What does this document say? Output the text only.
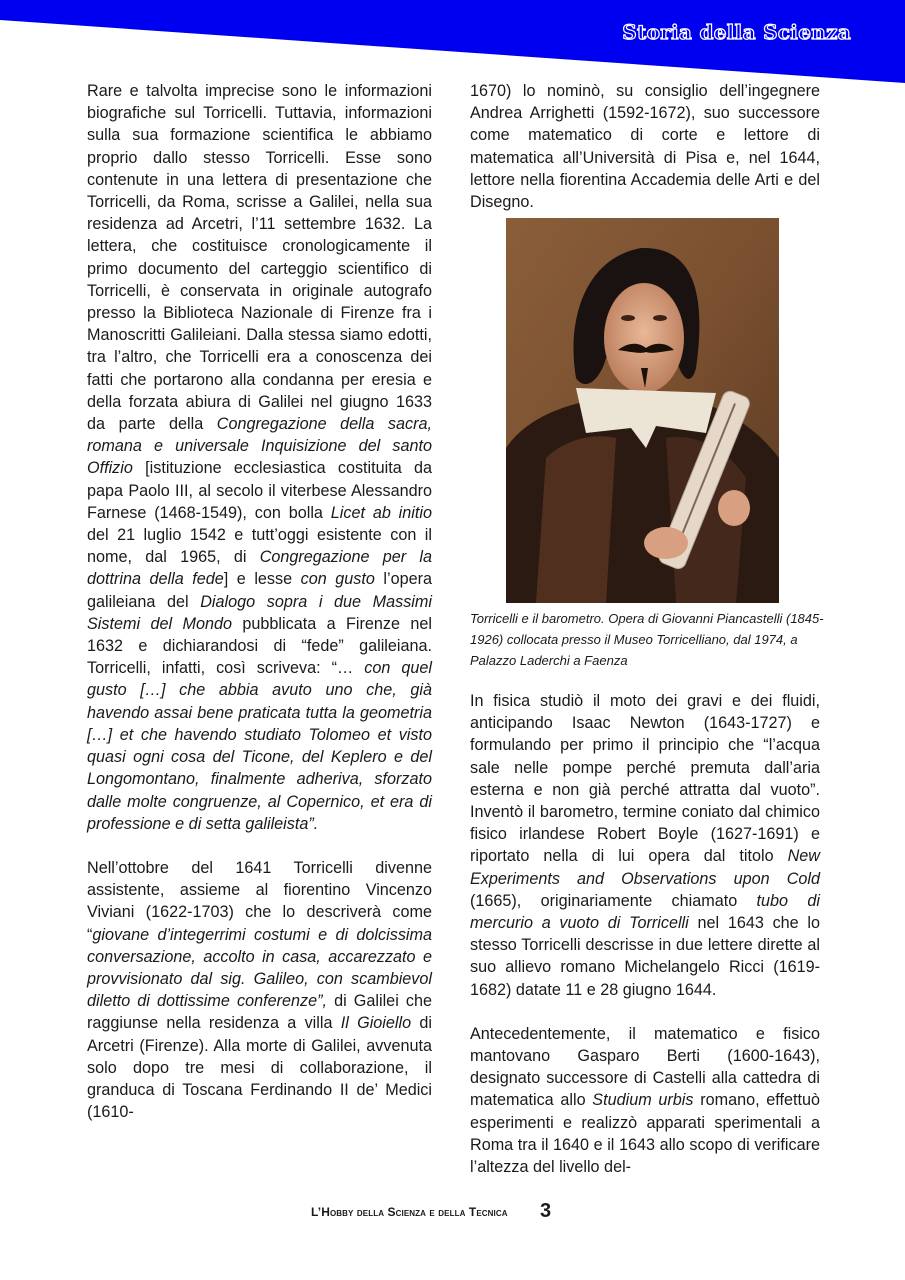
Storia della Scienza

Rare e talvolta imprecise sono le informazioni biografiche sul Torricelli. Tuttavia, informazioni sulla sua formazione scientifica le abbiamo proprio dallo stesso Torricelli. Esse sono contenute in una lettera di presentazione che Torricelli, da Roma, scrisse a Galilei, nella sua residenza ad Arcetri, l’11 settembre 1632. La lettera, che costituisce cronologicamente il primo documento del carteggio scientifico di Torricelli, è conservata in originale autografo presso la Biblioteca Nazionale di Firenze fra i Manoscritti Galileiani. Dalla stessa siamo edotti, tra l’altro, che Torricelli era a conoscenza dei fatti che portarono alla condanna per eresia e della forzata abiura di Galilei nel giugno 1633 da parte della Congregazione della sacra, romana e universale Inquisizione del santo Offizio [istituzione ecclesiastica costituita da papa Paolo III, al secolo il viterbese Alessandro Farnese (1468-1549), con bolla Licet ab initio del 21 luglio 1542 e tutt’oggi esistente con il nome, dal 1965, di Congregazione per la dottrina della fede] e lesse con gusto l’opera galileiana del Dialogo sopra i due Massimi Sistemi del Mondo pubblicata a Firenze nel 1632 e dichiarandosi di “fede” galileiana. Torricelli, infatti, così scriveva: “… con quel gusto […] che abbia avuto uno che, già havendo assai bene praticata tutta la geometria […] et che havendo studiato Tolomeo et visto quasi ogni cosa del Ticone, del Keplero e del Longomontano, finalmente adheriva, sforzato dalle molte congruenze, al Copernico, et era di professione e di setta galileista”.

Nell’ottobre del 1641 Torricelli divenne assistente, assieme al fiorentino Vincenzo Viviani (1622-1703) che lo descriverà come “giovane d’integerrimi costumi e di dolcissima conversazione, accolto in casa, accarezzato e provvisionato dal sig. Galileo, con scambievol diletto di dottissime conferenze”, di Galilei che raggiunse nella residenza a villa Il Gioiello di Arcetri (Firenze). Alla morte di Galilei, avvenuta solo dopo tre mesi di collaborazione, il granduca di Toscana Ferdinando II de’ Medici (1610-

1670) lo nominò, su consiglio dell’ingegnere Andrea Arrighetti (1592-1672), suo successore come matematico di corte e lettore di matematica all’Università di Pisa e, nel 1644, lettore nella fiorentina Accademia delle Arti e del Disegno.

Torricelli e il barometro. Opera di Giovanni Piancastelli (1845-1926) collocata presso il Museo Torricelliano, dal 1974, a Palazzo Laderchi a Faenza

In fisica studiò il moto dei gravi e dei fluidi, anticipando Isaac Newton (1643-1727) e formulando per primo il principio che “l’acqua sale nelle pompe perché premuta dall’aria esterna e non già perché attratta dal vuoto”. Inventò il barometro, termine coniato dal chimico fisico irlandese Robert Boyle (1627-1691) e riportato nella di lui opera dal titolo New Experiments and Observations upon Cold (1665), originariamente chiamato tubo di mercurio a vuoto di Torricelli nel 1643 che lo stesso Torricelli descrisse in due lettere dirette al suo allievo romano Michelangelo Ricci (1619-1682) datate 11 e 28 giugno 1644.

Antecedentemente, il matematico e fisico mantovano Gasparo Berti (1600-1643), designato successore di Castelli alla cattedra di matematica allo Studium urbis romano, effettuò esperimenti e realizzò apparati sperimentali a Roma tra il 1640 e il 1643 allo scopo di verificare l’altezza del livello del-

L’Hobby della Scienza e della Tecnica 3
